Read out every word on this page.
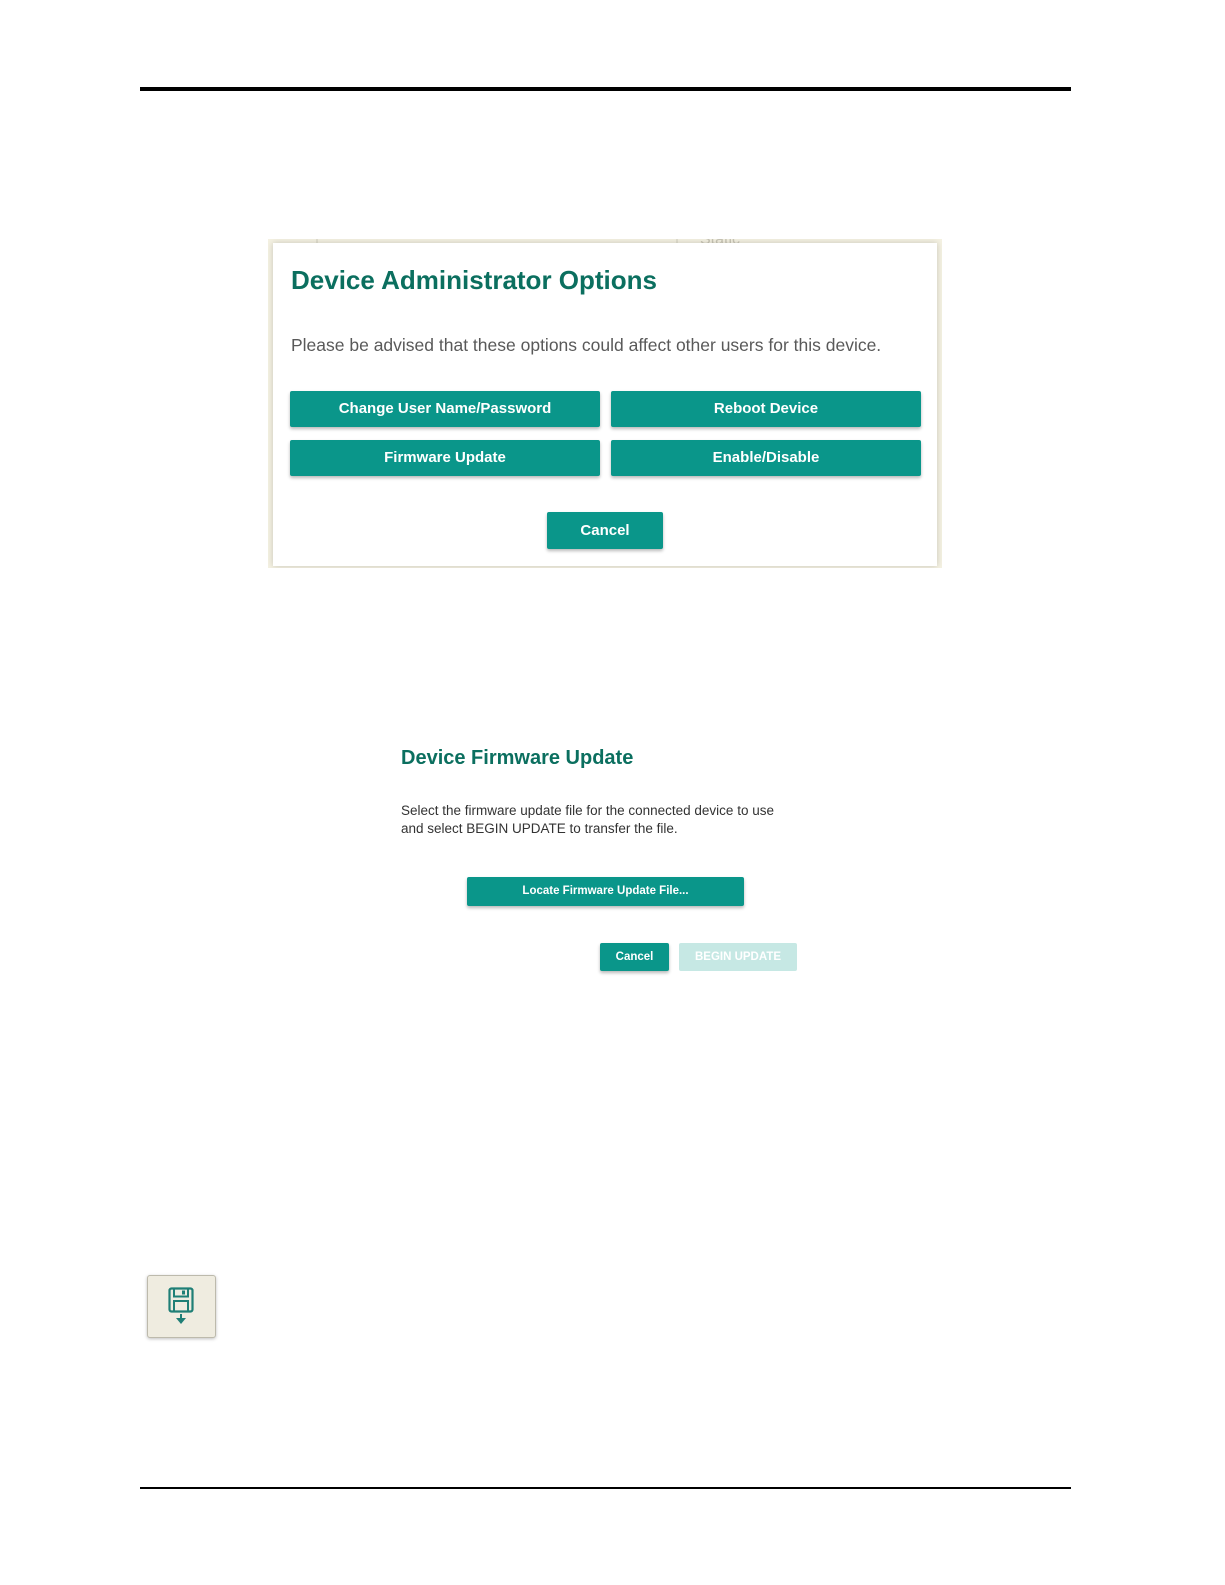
Device Administrator Options
Please be advised that these options could affect other users for this device.
Change User Name/Password	Reboot Device
Firmware Update	Enable/Disable
Cancel
Device Firmware Update
Select the firmware update file for the connected device to use
and select BEGIN UPDATE to transfer the file.
Locate Firmware Update File...
Cancel	BEGIN UPDATE
